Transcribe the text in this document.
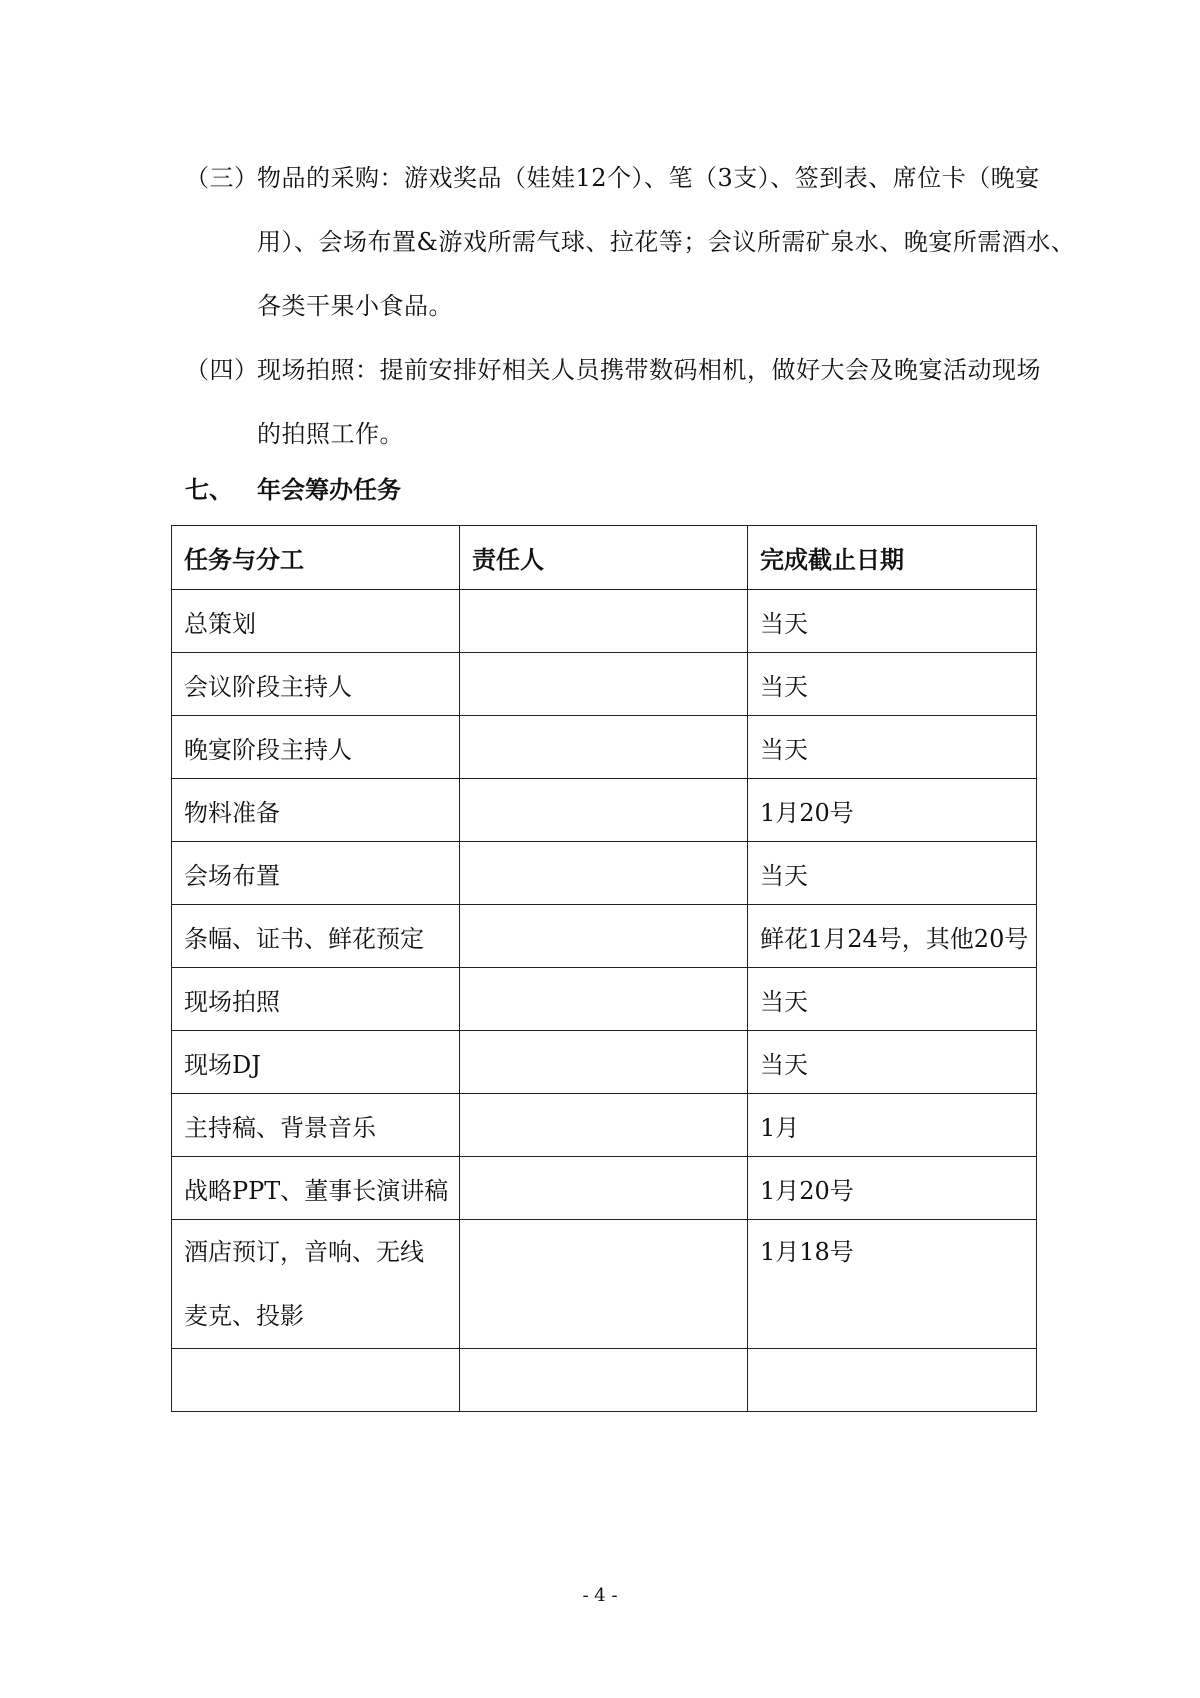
（三）物品的采购：游戏奖品（娃娃12个）、笔（3支）、签到表、席位卡（晚宴
用）、会场布置&游戏所需气球、拉花等；会议所需矿泉水、晚宴所需酒水、
各类干果小食品。
（四）现场拍照：提前安排好相关人员携带数码相机，做好大会及晚宴活动现场
的拍照工作。
七、 年会筹办任务
任务与分工	责任人	完成截止日期
总策划		当天
会议阶段主持人		当天
晚宴阶段主持人		当天
物料准备		1月20号
会场布置		当天
条幅、证书、鲜花预定		鲜花1月24号，其他20号
现场拍照		当天
现场DJ		当天
主持稿、背景音乐		1月
战略PPT、董事长演讲稿		1月20号
酒店预订，音响、无线麦克、投影		1月18号

- 4 -
